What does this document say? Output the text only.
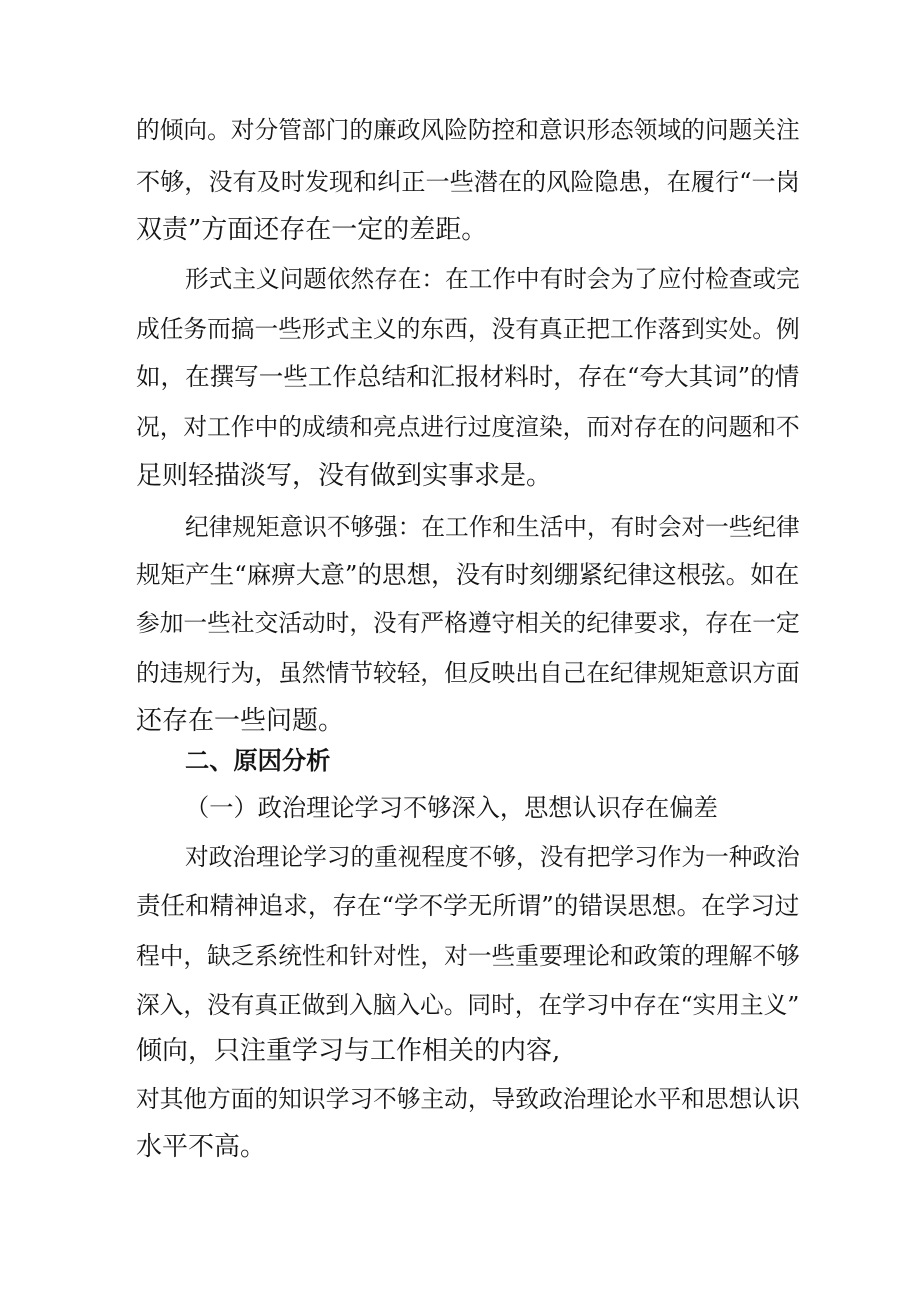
的倾向。对分管部门的廉政风险防控和意识形态领域的问题关注
不够，没有及时发现和纠正一些潜在的风险隐患，在履行“一岗
双责”方面还存在一定的差距。
形式主义问题依然存在：在工作中有时会为了应付检查或完
成任务而搞一些形式主义的东西，没有真正把工作落到实处。例
如，在撰写一些工作总结和汇报材料时，存在“夸大其词”的情
况，对工作中的成绩和亮点进行过度渲染，而对存在的问题和不
足则轻描淡写，没有做到实事求是。
纪律规矩意识不够强：在工作和生活中，有时会对一些纪律
规矩产生“麻痹大意”的思想，没有时刻绷紧纪律这根弦。如在
参加一些社交活动时，没有严格遵守相关的纪律要求，存在一定
的违规行为，虽然情节较轻，但反映出自己在纪律规矩意识方面
还存在一些问题。
二、原因分析
（一）政治理论学习不够深入，思想认识存在偏差
对政治理论学习的重视程度不够，没有把学习作为一种政治
责任和精神追求，存在“学不学无所谓”的错误思想。在学习过
程中，缺乏系统性和针对性，对一些重要理论和政策的理解不够
深入，没有真正做到入脑入心。同时，在学习中存在“实用主义”
倾向，只注重学习与工作相关的内容,
对其他方面的知识学习不够主动，导致政治理论水平和思想认识
水平不高。
